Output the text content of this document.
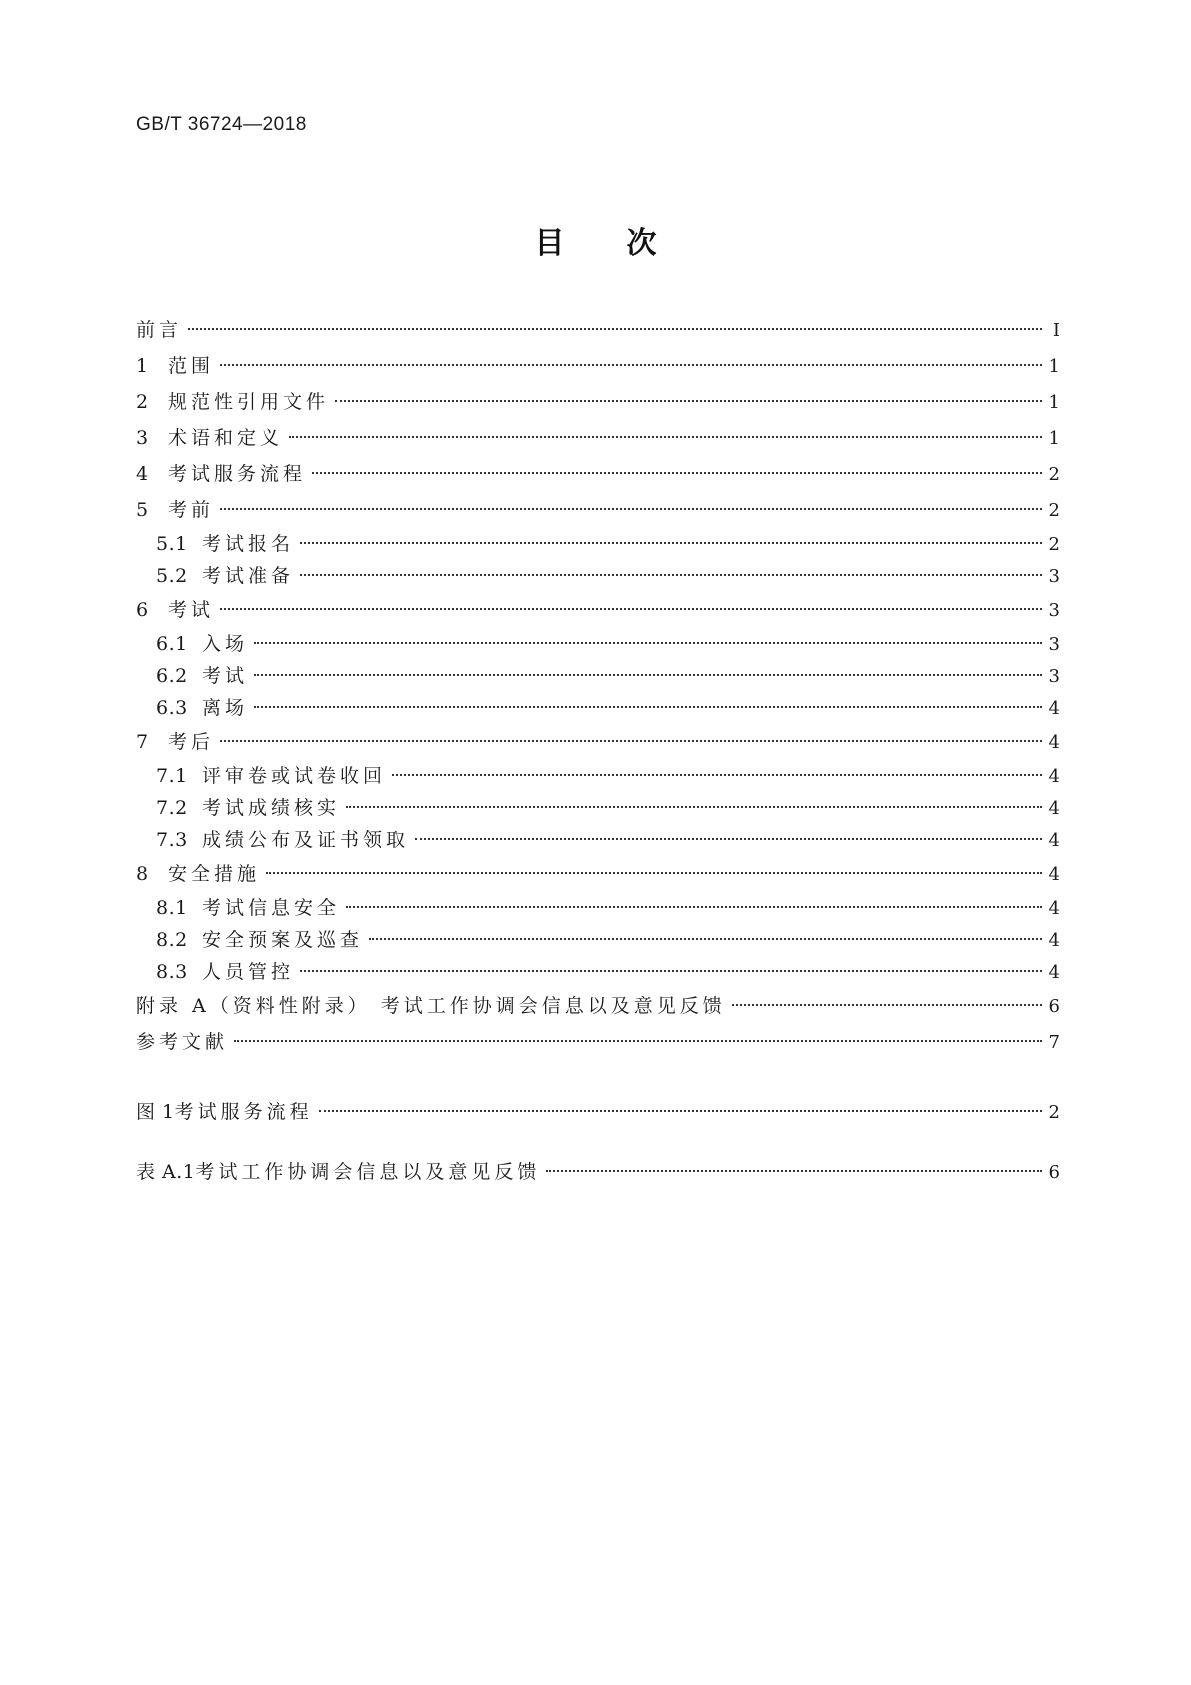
GB/T 36724—2018
目次
前言	Ⅰ
1 范围	1
2 规范性引用文件	1
3 术语和定义	1
4 考试服务流程	2
5 考前	2
5.1 考试报名	2
5.2 考试准备	3
6 考试	3
6.1 入场	3
6.2 考试	3
6.3 离场	4
7 考后	4
7.1 评审卷或试卷收回	4
7.2 考试成绩核实	4
7.3 成绩公布及证书领取	4
8 安全措施	4
8.1 考试信息安全	4
8.2 安全预案及巡查	4
8.3 人员管控	4
附录 A（资料性附录） 考试工作协调会信息以及意见反馈	6
参考文献	7
图 1考试服务流程	2
表 A.1考试工作协调会信息以及意见反馈	6
